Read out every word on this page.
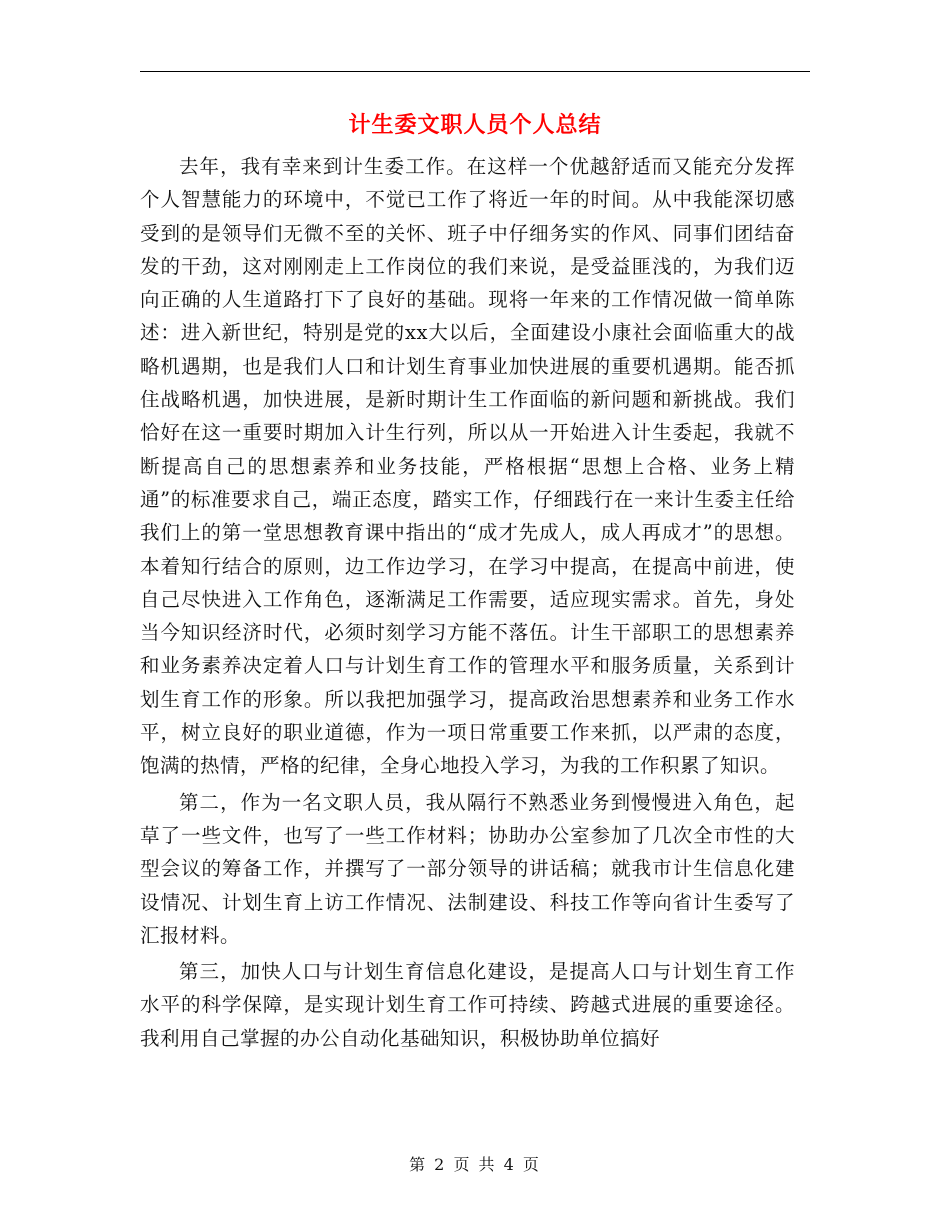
计生委文职人员个人总结

去年，我有幸来到计生委工作。在这样一个优越舒适而又能充分发挥个人智慧能力的环境中，不觉已工作了将近一年的时间。从中我能深切感受到的是领导们无微不至的关怀、班子中仔细务实的作风、同事们团结奋发的干劲，这对刚刚走上工作岗位的我们来说，是受益匪浅的，为我们迈向正确的人生道路打下了良好的基础。现将一年来的工作情况做一简单陈述：进入新世纪，特别是党的xx大以后，全面建设小康社会面临重大的战略机遇期，也是我们人口和计划生育事业加快进展的重要机遇期。能否抓住战略机遇，加快进展，是新时期计生工作面临的新问题和新挑战。我们恰好在这一重要时期加入计生行列，所以从一开始进入计生委起，我就不断提高自己的思想素养和业务技能，严格根据“思想上合格、业务上精通”的标准要求自己，端正态度，踏实工作，仔细践行在一来计生委主任给我们上的第一堂思想教育课中指出的“成才先成人，成人再成才”的思想。本着知行结合的原则，边工作边学习，在学习中提高，在提高中前进，使自己尽快进入工作角色，逐渐满足工作需要，适应现实需求。首先，身处当今知识经济时代，必须时刻学习方能不落伍。计生干部职工的思想素养和业务素养决定着人口与计划生育工作的管理水平和服务质量，关系到计划生育工作的形象。所以我把加强学习，提高政治思想素养和业务工作水平，树立良好的职业道德，作为一项日常重要工作来抓，以严肃的态度，饱满的热情，严格的纪律，全身心地投入学习，为我的工作积累了知识。

第二，作为一名文职人员，我从隔行不熟悉业务到慢慢进入角色，起草了一些文件，也写了一些工作材料；协助办公室参加了几次全市性的大型会议的筹备工作，并撰写了一部分领导的讲话稿；就我市计生信息化建设情况、计划生育上访工作情况、法制建设、科技工作等向省计生委写了汇报材料。

第三，加快人口与计划生育信息化建设，是提高人口与计划生育工作水平的科学保障，是实现计划生育工作可持续、跨越式进展的重要途径。我利用自己掌握的办公自动化基础知识，积极协助单位搞好

第 2 页 共 4 页
